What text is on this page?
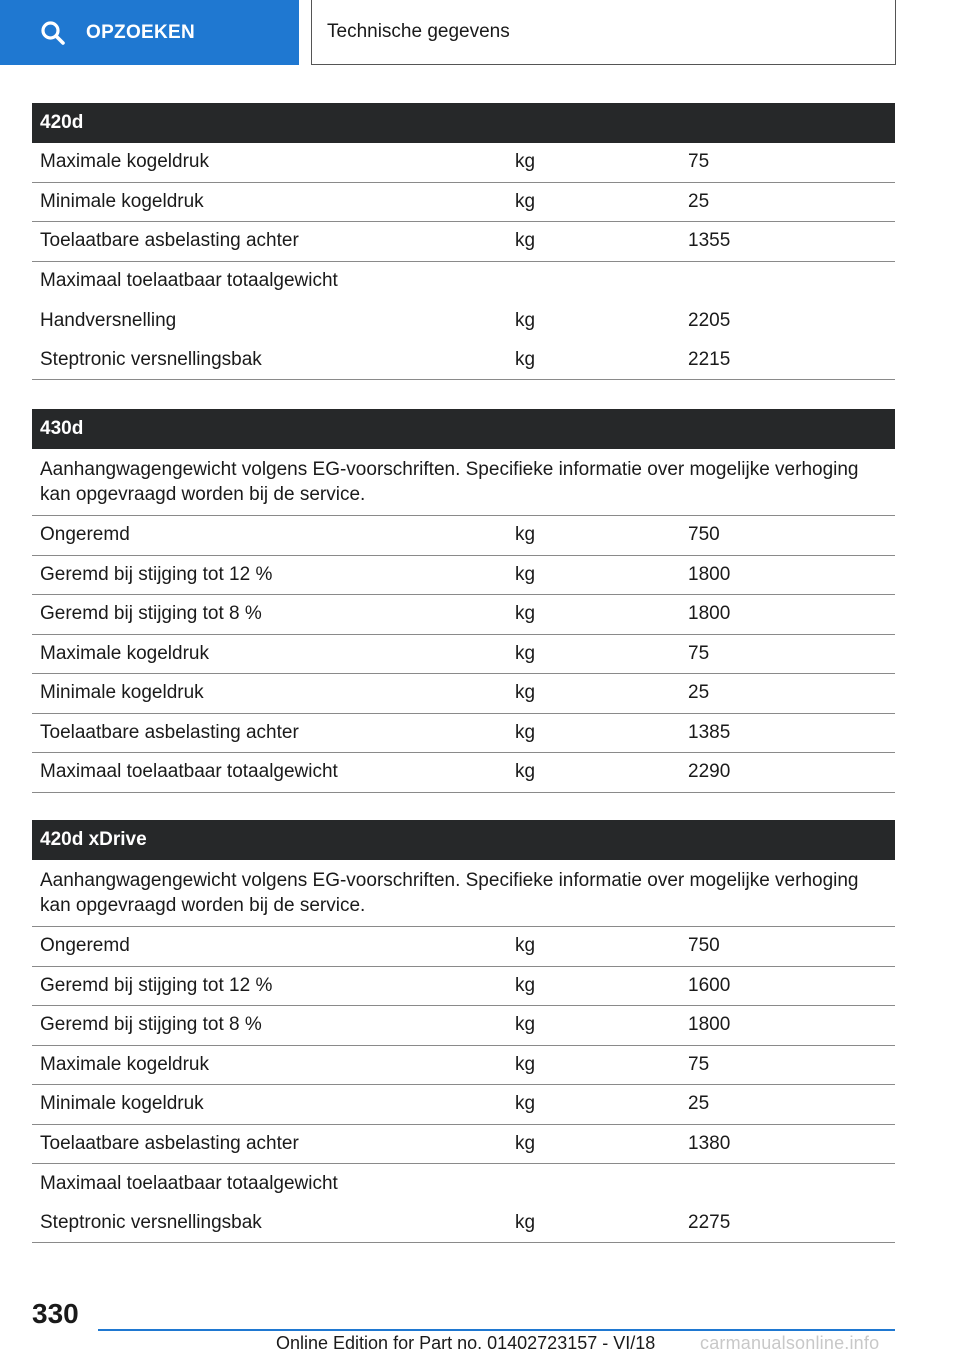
OPZOEKEN	Technische gegevens
420d
Maximale kogeldruk	kg	75
Minimale kogeldruk	kg	25
Toelaatbare asbelasting achter	kg	1355
Maximaal toelaatbaar totaalgewicht
Handversnelling	kg	2205
Steptronic versnellingsbak	kg	2215
430d
Aanhangwagengewicht volgens EG-voorschriften. Specifieke informatie over mogelijke verhoging kan opgevraagd worden bij de service.
Ongeremd	kg	750
Geremd bij stijging tot 12 %	kg	1800
Geremd bij stijging tot 8 %	kg	1800
Maximale kogeldruk	kg	75
Minimale kogeldruk	kg	25
Toelaatbare asbelasting achter	kg	1385
Maximaal toelaatbaar totaalgewicht	kg	2290
420d xDrive
Aanhangwagengewicht volgens EG-voorschriften. Specifieke informatie over mogelijke verhoging kan opgevraagd worden bij de service.
Ongeremd	kg	750
Geremd bij stijging tot 12 %	kg	1600
Geremd bij stijging tot 8 %	kg	1800
Maximale kogeldruk	kg	75
Minimale kogeldruk	kg	25
Toelaatbare asbelasting achter	kg	1380
Maximaal toelaatbaar totaalgewicht
Steptronic versnellingsbak	kg	2275
330
Online Edition for Part no. 01402723157 - VI/18 carmanualsonline.info
